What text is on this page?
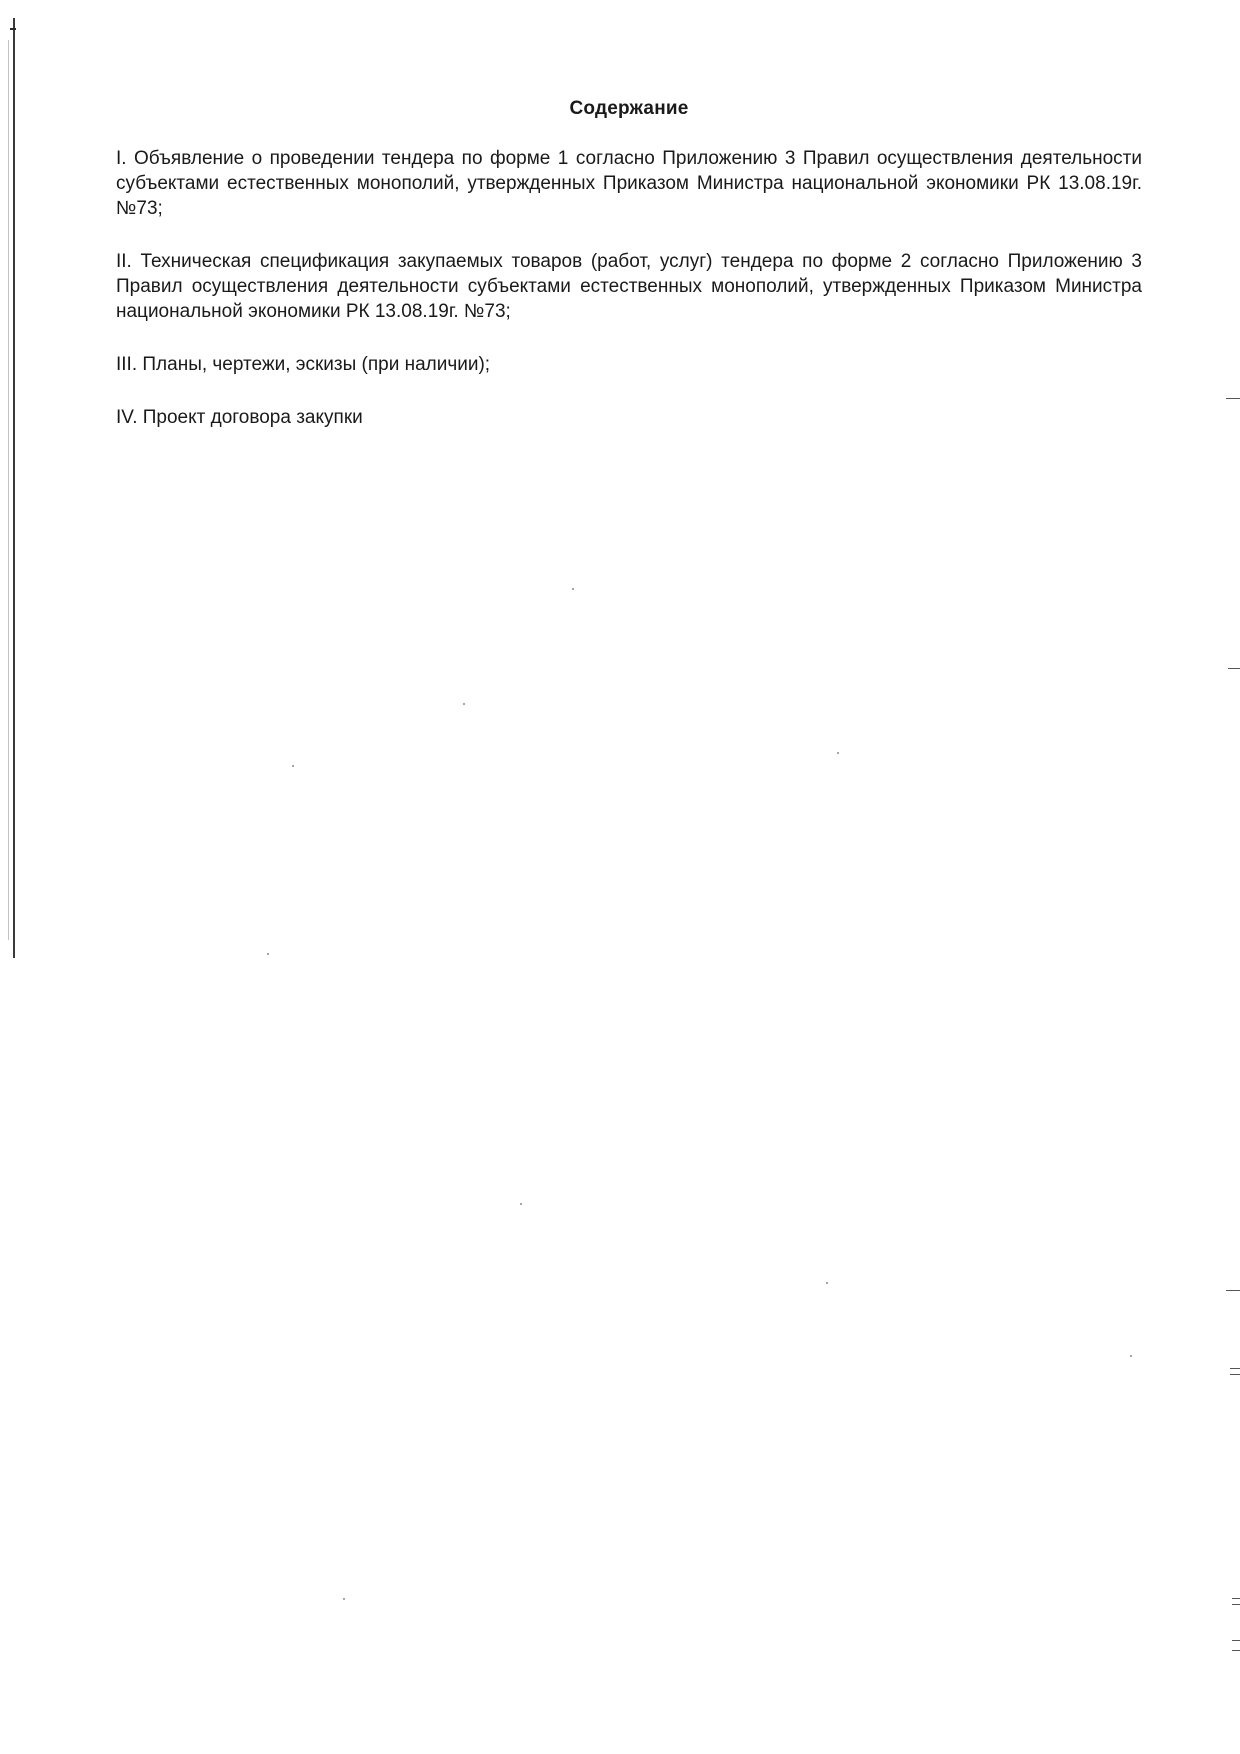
Содержание

I. Объявление о проведении тендера по форме 1 согласно Приложению 3 Правил осуществления деятельности субъектами естественных монополий, утвержденных Приказом Министра национальной экономики РК 13.08.19г. №73;

II. Техническая спецификация закупаемых товаров (работ, услуг) тендера по форме 2 согласно Приложению 3 Правил осуществления деятельности субъектами естественных монополий, утвержденных Приказом Министра национальной экономики РК 13.08.19г. №73;

III. Планы, чертежи, эскизы (при наличии);

IV. Проект договора закупки
